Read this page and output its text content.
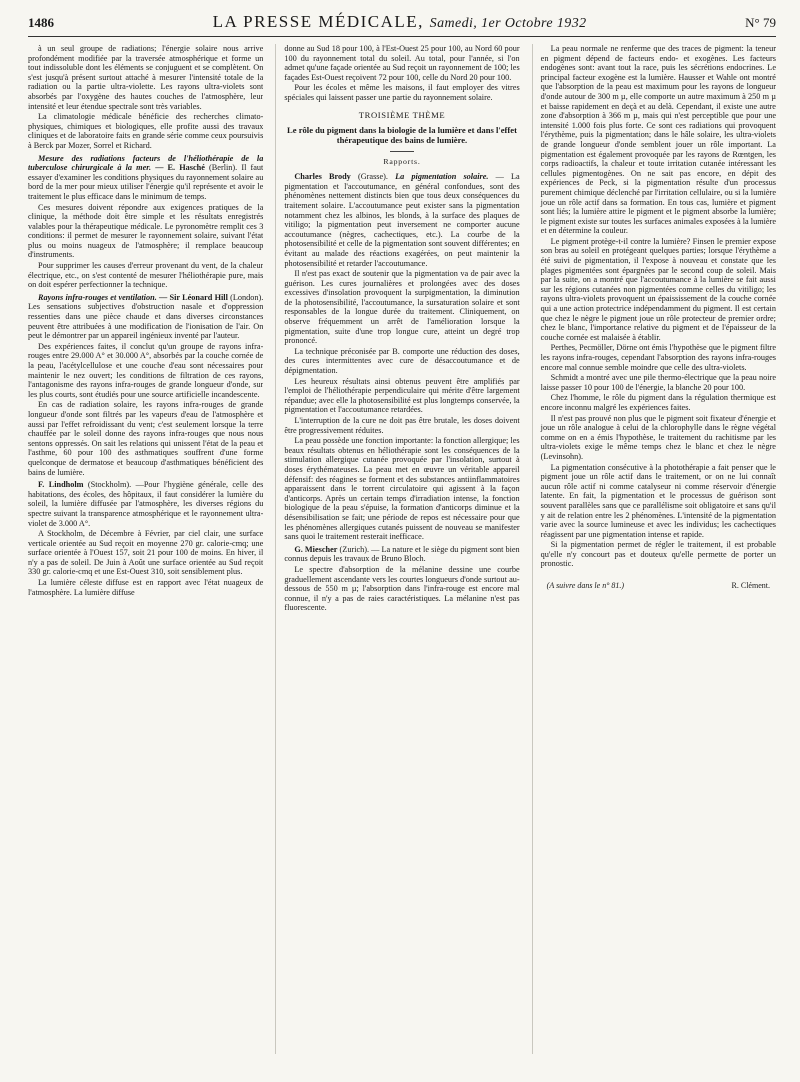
1486	LA PRESSE MÉDICALE, Samedi, 1er Octobre 1932	N° 79

à un seul groupe de radiations; l'énergie solaire nous arrive profondément modifiée par la traversée atmosphérique et forme un tout indissoluble dont les éléments se conjuguent et se complètent. On s'est jusqu'à présent surtout attaché à mesurer l'intensité totale de la radiation ou la partie ultra-violette. Les rayons ultra-violets sont absorbés par l'oxygène des hautes couches de l'atmosphère, leur intensité et leur étendue spectrale sont très variables.

La climatologie médicale bénéficie des recherches climato-physiques, chimiques et biologiques, elle profite aussi des travaux cliniques et de laboratoire faits en grande série comme ceux poursuivis à Berck par Mozer, Sorrel et Richard.

Mesure des radiations facteurs de l'héliothérapie de la tuberculose chirurgicale à la mer. — E. Hasché (Berlin). Il faut essayer d'examiner les conditions physiques du rayonnement solaire au bord de la mer pour mieux utiliser l'énergie qu'il représente et avoir le traitement le plus efficace dans le minimum de temps.

Ces mesures doivent répondre aux exigences pratiques de la clinique, la méthode doit être simple et les résultats enregistrés valables pour la thérapeutique médicale. Le pyronomètre remplit ces 3 conditions: il permet de mesurer le rayonnement solaire, suivant l'état plus ou moins nuageux de l'atmosphère; il remplace beaucoup d'instruments.

Pour supprimer les causes d'erreur provenant du vent, de la chaleur électrique, etc., on s'est contenté de mesurer l'héliothérapie pure, mais on doit espérer perfectionner la technique.

Rayons infra-rouges et ventilation. — Sir Léonard Hill (London). Les sensations subjectives d'obstruction nasale et d'oppression ressenties dans une pièce chaude et dans diverses circonstances peuvent être attribuées à une modification de l'ionisation de l'air. On peut le démontrer par un appareil ingénieux inventé par l'auteur.

Des expériences faites, il conclut qu'un groupe de rayons infra-rouges entre 29.000 A° et 30.000 A°, absorbés par la couche cornée de la peau, l'acétylcellulose et une couche d'eau sont nécessaires pour maintenir le nez ouvert; les conditions de filtration de ces rayons, l'antagonisme des rayons infra-rouges de grande longueur d'onde, sur les plus courts, sont étudiés pour une source artificielle incandescente.

En cas de radiation solaire, les rayons infra-rouges de grande longueur d'onde sont filtrés par les vapeurs d'eau de l'atmosphère et aussi par l'effet refroidissant du vent; c'est seulement lorsque la terre chauffée par le soleil donne des rayons infra-rouges que nous nous sentons oppressés. On sait les relations qui unissent l'état de la peau et l'asthme, 60 pour 100 des asthmatiques souffrent d'une forme quelconque de dermatose et beaucoup d'asthmatiques bénéficient des bains de lumière.

F. Lindholm (Stockholm). —Pour l'hygiène générale, celle des habitations, des écoles, des hôpitaux, il faut considérer la lumière du soleil, la lumière diffusée par l'atmosphère, les diverses régions du spectre suivant la transparence atmosphérique et le rayonnement ultra-violet de 3.000 A°.

A Stockholm, de Décembre à Février, par ciel clair, une surface verticale orientée au Sud reçoit en moyenne 270 gr. calorie-cmq; une surface orientée à l'Ouest 157, soit 21 pour 100 de moins. En hiver, il n'y a pas de soleil. De Juin à Août une surface orientée au Sud reçoit 330 gr. calorie-cmq et une Est-Ouest 310, soit sensiblement plus.

La lumière céleste diffuse est en rapport avec l'état nuageux de l'atmosphère. La lumière diffuse

donne au Sud 18 pour 100, à l'Est-Ouest 25 pour 100, au Nord 60 pour 100 du rayonnement total du soleil. Au total, pour l'année, si l'on admet qu'une façade orientée au Sud reçoit un rayonnement de 100; les façades Est-Ouest reçoivent 72 pour 100, celle du Nord 20 pour 100.

Pour les écoles et même les maisons, il faut employer des vitres spéciales qui laissent passer une partie du rayonnement solaire.

TROISIÈME THÈME
Le rôle du pigment dans la biologie de la lumière et dans l'effet thérapeutique des bains de lumière.
Rapports.

Charles Brody (Grasse). La pigmentation solaire. — La pigmentation et l'accoutumance, en général confondues, sont des phénomènes nettement distincts bien que tous deux conséquences du traitement solaire. L'accoutumance peut exister sans la pigmentation notamment chez les albinos, les blonds, à la surface des plaques de vitiligo; la pigmentation peut inversement ne comporter aucune accoutumance (nègres, cachectiques, etc.). La courbe de la photosensibilité et celle de la pigmentation sont souvent différentes; en évitant au malade des réactions exagérées, on peut maintenir la photosensibilité et retarder l'accoutumance.

Il n'est pas exact de soutenir que la pigmentation va de pair avec la guérison. Les cures journalières et prolongées avec des doses excessives d'insolation provoquent la surpigmentation, la diminution de la photosensibilité, l'accoutumance, la sursaturation solaire et sont responsables de la longue durée du traitement. Cliniquement, on observe fréquemment un arrêt de l'amélioration lorsque la pigmentation, suite d'une trop longue cure, atteint un degré trop prononcé.

La technique préconisée par B. comporte une réduction des doses, des cures intermittentes avec cure de désaccoutumance et de dépigmentation.

Les heureux résultats ainsi obtenus peuvent être amplifiés par l'emploi de l'héliothérapie perpendiculaire qui mérite d'être largement répandue; avec elle la photosensibilité est plus longtemps conservée, la pigmentation et l'accoutumance retardées.

L'interruption de la cure ne doit pas être brutale, les doses doivent être progressivement réduites.

La peau possède une fonction importante: la fonction allergique; les beaux résultats obtenus en héliothérapie sont les conséquences de la stimulation allergique cutanée provoquée par l'insolation, surtout à doses érythémateuses. La peau met en œuvre un véritable appareil défensif: des réagines se forment et des substances antiinflammatoires apparaissent dans le torrent circulatoire qui agissent à la façon d'anticorps. Après un certain temps d'irradiation intense, la fonction biologique de la peau s'épuise, la formation d'anticorps diminue et la désensibilisation se fait; une période de repos est nécessaire pour que les phénomènes allergiques cutanés puissent de nouveau se manifester sans quoi le traitement resterait inefficace.

G. Miescher (Zurich). — La nature et le siège du pigment sont bien connus depuis les travaux de Bruno Bloch.

Le spectre d'absorption de la mélanine dessine une courbe graduellement ascendante vers les courtes longueurs d'onde surtout au-dessous de 550 m µ; l'absorption dans l'infra-rouge est encore mal connue, il n'y a pas de raies caractéristiques. La mélanine n'est pas fluorescente.

La peau normale ne renferme que des traces de pigment: la teneur en pigment dépend de facteurs endo- et exogènes. Les facteurs endogènes sont: avant tout la race, puis les sécrétions endocrines. Le principal facteur exogène est la lumière. Hausser et Wahle ont montré que l'absorption de la peau est maximum pour les rayons de longueur d'onde autour de 300 m µ, elle comporte un autre maximum à 250 m µ et baisse rapidement en deçà et au delà. Cependant, il existe une autre zone d'absorption à 366 m µ, mais qui n'est perceptible que pour une intensité 1.000 fois plus forte. Ce sont ces radiations qui provoquent l'érythème, puis la pigmentation; dans le hâle solaire, les ultra-violets de grande longueur d'onde semblent jouer un rôle important. La pigmentation est également provoquée par les rayons de Rœntgen, les corps radioactifs, la chaleur et toute irritation cutanée intéressant les cellules pigmentogènes. On ne sait pas encore, en dépit des expériences de Peck, si la pigmentation résulte d'un processus purement chimique déclenché par l'irritation cellulaire, ou si la lumière joue un rôle actif dans sa formation. En tous cas, lumière et pigment sont liés; la lumière attire le pigment et le pigment absorbe la lumière; le pigment existe sur toutes les surfaces animales exposées à la lumière et en détermine la couleur.

Le pigment protège-t-il contre la lumière? Finsen le premier expose son bras au soleil en protégeant quelques parties; lorsque l'érythème a été suivi de pigmentation, il l'expose à nouveau et constate que les plages pigmentées sont épargnées par le second coup de soleil. Mais par la suite, on a montré que l'accoutumance à la lumière se fait aussi sur les régions cutanées non pigmentées comme celles du vitiligo; les rayons ultra-violets provoquent un épaississement de la couche cornée qui a une action protectrice indépendamment du pigment. Il est certain que chez le nègre le pigment joue un rôle protecteur de premier ordre; chez le blanc, l'importance relative du pigment et de l'épaisseur de la couche cornée est malaisée à établir.

Perthes, Pecmöller, Dörne ont émis l'hypothèse que le pigment filtre les rayons infra-rouges, cependant l'absorption des rayons infra-rouges encore mal connue semble moindre que celle des ultra-violets.

Schmidt a montré avec une pile thermo-électrique que la peau noire laisse passer 10 pour 100 de l'énergie, la blanche 20 pour 100.

Chez l'homme, le rôle du pigment dans la régulation thermique est encore inconnu malgré les expériences faites.

Il n'est pas prouvé non plus que le pigment soit fixateur d'énergie et joue un rôle analogue à celui de la chlorophylle dans le règne végétal comme on en a émis l'hypothèse, le traitement du rachitisme par les ultra-violets exige le même temps chez le blanc et chez le nègre (Levinsohn).

La pigmentation consécutive à la photothérapie a fait penser que le pigment joue un rôle actif dans le traitement, or on ne lui connaît aucun rôle actif ni comme catalyseur ni comme réservoir d'énergie latente. En fait, la pigmentation et le processus de guérison sont souvent parallèles sans que ce parallélisme soit obligatoire et sans qu'il y ait de relation entre les 2 phénomènes. L'intensité de la pigmentation varie avec la source lumineuse et avec les individus; les cachectiques réagissent par une pigmentation intense et rapide.

Si la pigmentation permet de régler le traitement, il est probable qu'elle n'y concourt pas et douteux qu'elle permette de porter un pronostic.

(A suivre dans le n° 81.)	R. Clément.
